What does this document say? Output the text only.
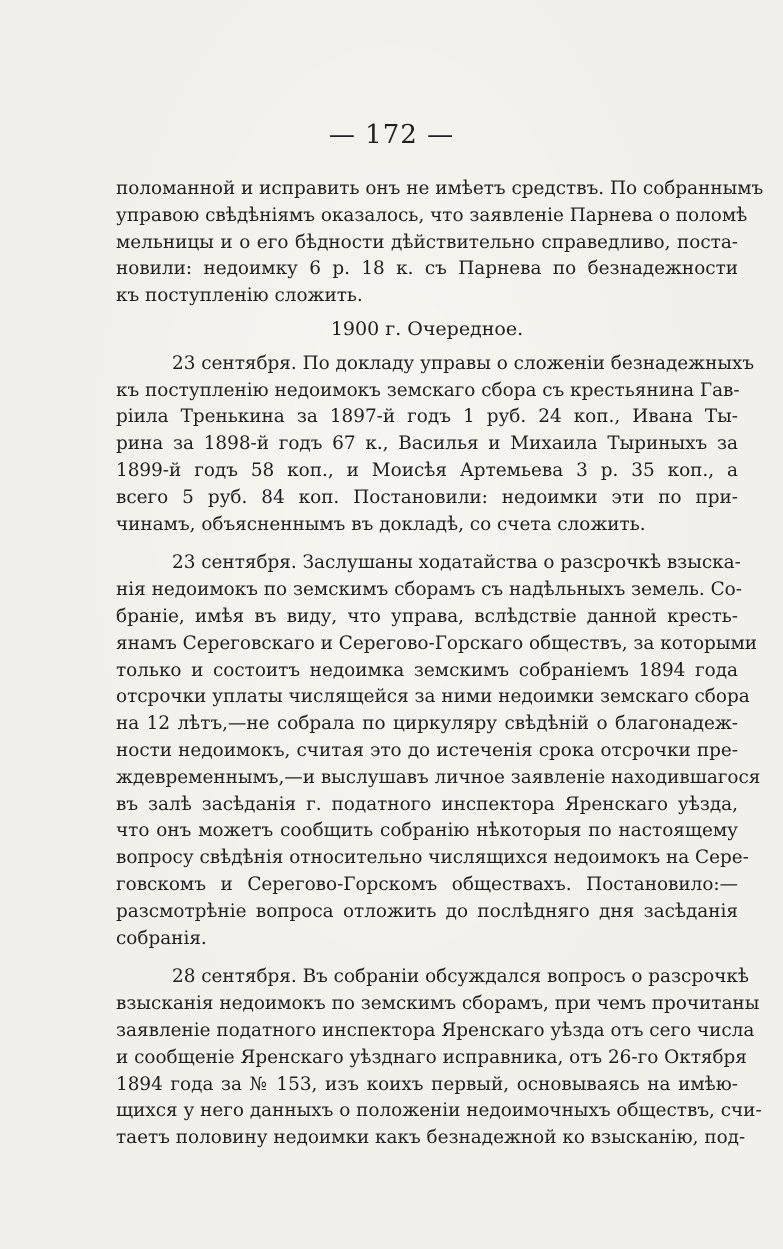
— 172 —
поломанной и исправить онъ не имѣетъ средствъ. По собраннымъ
управою свѣдѣніямъ оказалось, что заявленіе Парнева о поломѣ
мельницы и о его бѣдности дѣйствительно справедливо, поста-
новили: недоимку 6 р. 18 к. съ Парнева по безнадежности
къ поступленію сложить.
1900 г. Очередное.
23 сентября. По докладу управы о сложеніи безнадежныхъ
къ поступленію недоимокъ земскаго сбора съ крестьянина Гав-
ріила Тренькина за 1897-й годъ 1 руб. 24 коп., Ивана Ты-
рина за 1898-й годъ 67 к., Василья и Михаила Тыриныхъ за
1899-й годъ 58 коп., и Моисѣя Артемьева 3 р. 35 коп., а
всего 5 руб. 84 коп. Постановили: недоимки эти по при-
чинамъ, объясненнымъ въ докладѣ, со счета сложить.
23 сентября. Заслушаны ходатайства о разсрочкѣ взыска-
нія недоимокъ по земскимъ сборамъ съ надѣльныхъ земель. Со-
браніе, имѣя въ виду, что управа, вслѣдствіе данной кресть-
янамъ Сереговскаго и Серегово-Горскаго обществъ, за которыми
только и состоитъ недоимка земскимъ собраніемъ 1894 года
отсрочки уплаты числящейся за ними недоимки земскаго сбора
на 12 лѣтъ,—не собрала по циркуляру свѣдѣній о благонадеж-
ности недоимокъ, считая это до истеченія срока отсрочки пре-
ждевременнымъ,—и выслушавъ личное заявленіе находившагося
въ залѣ засѣданія г. податного инспектора Яренскаго уѣзда,
что онъ можетъ сообщить собранію нѣкоторыя по настоящему
вопросу свѣдѣнія относительно числящихся недоимокъ на Сере-
говскомъ и Серегово-Горскомъ обществахъ. Постановило:—
разсмотрѣніе вопроса отложить до послѣдняго дня засѣданія
собранія.
28 сентября. Въ собраніи обсуждался вопросъ о разсрочкѣ
взысканія недоимокъ по земскимъ сборамъ, при чемъ прочитаны
заявленіе податного инспектора Яренскаго уѣзда отъ сего числа
и сообщеніе Яренскаго уѣзднаго исправника, отъ 26-го Октября
1894 года за № 153, изъ коихъ первый, основываясь на имѣю-
щихся у него данныхъ о положеніи недоимочныхъ обществъ, счи-
таетъ половину недоимки какъ безнадежной ко взысканію, под-
